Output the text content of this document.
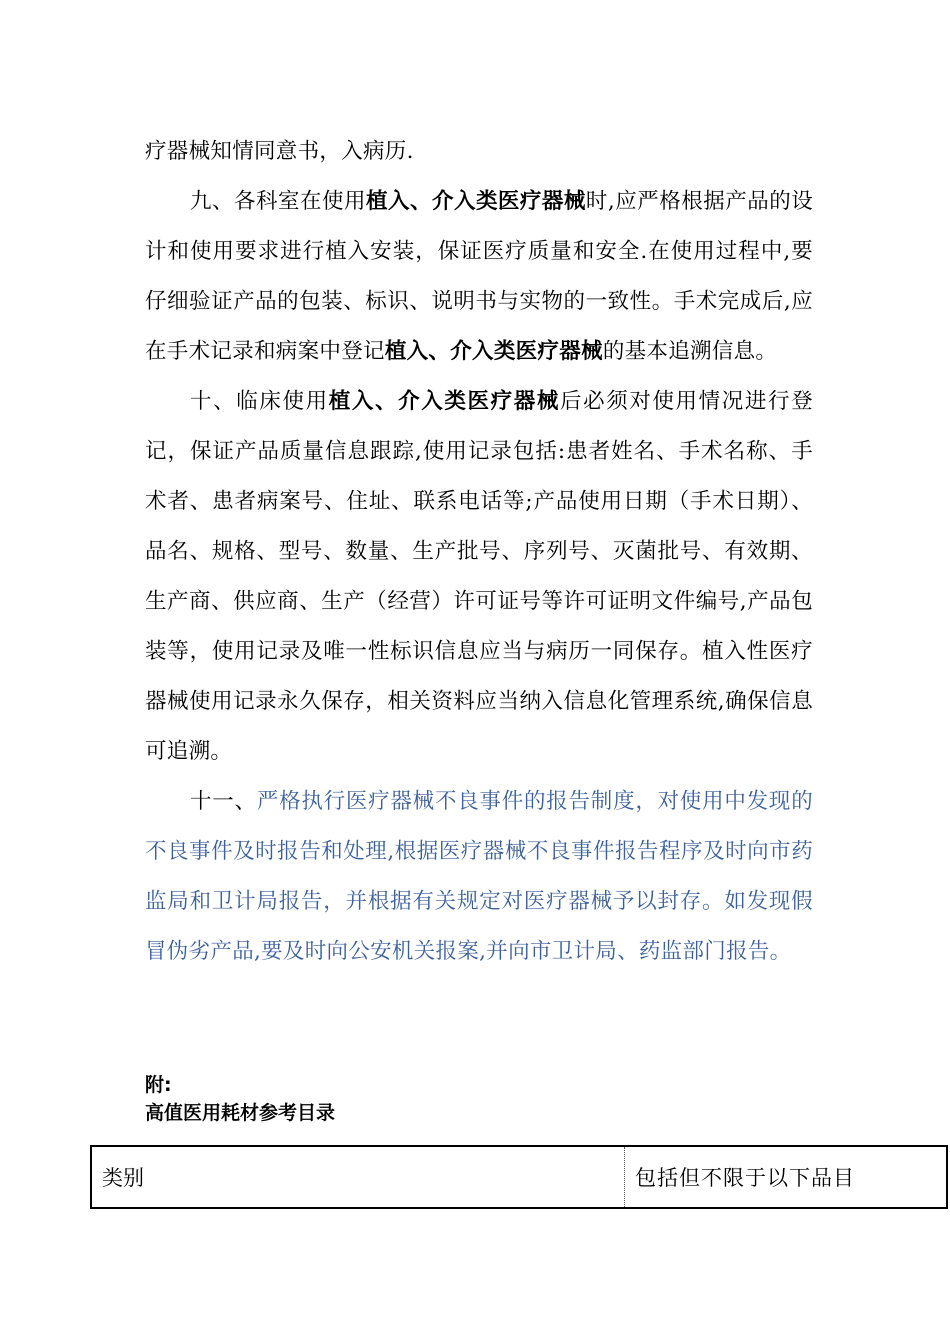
疗器械知情同意书，入病历.

九、各科室在使用植入、介入类医疗器械时,应严格根据产品的设计和使用要求进行植入安装，保证医疗质量和安全.在使用过程中,要仔细验证产品的包装、标识、说明书与实物的一致性。手术完成后,应在手术记录和病案中登记植入、介入类医疗器械的基本追溯信息。

十、临床使用植入、介入类医疗器械后必须对使用情况进行登记，保证产品质量信息跟踪,使用记录包括:患者姓名、手术名称、手术者、患者病案号、住址、联系电话等;产品使用日期（手术日期）、品名、规格、型号、数量、生产批号、序列号、灭菌批号、有效期、生产商、供应商、生产（经营）许可证号等许可证明文件编号,产品包装等，使用记录及唯一性标识信息应当与病历一同保存。植入性医疗器械使用记录永久保存，相关资料应当纳入信息化管理系统,确保信息可追溯。

十一、严格执行医疗器械不良事件的报告制度，对使用中发现的不良事件及时报告和处理,根据医疗器械不良事件报告程序及时向市药监局和卫计局报告，并根据有关规定对医疗器械予以封存。如发现假冒伪劣产品,要及时向公安机关报案,并向市卫计局、药监部门报告。

附:
高值医用耗材参考目录
类别	包括但不限于以下品目
